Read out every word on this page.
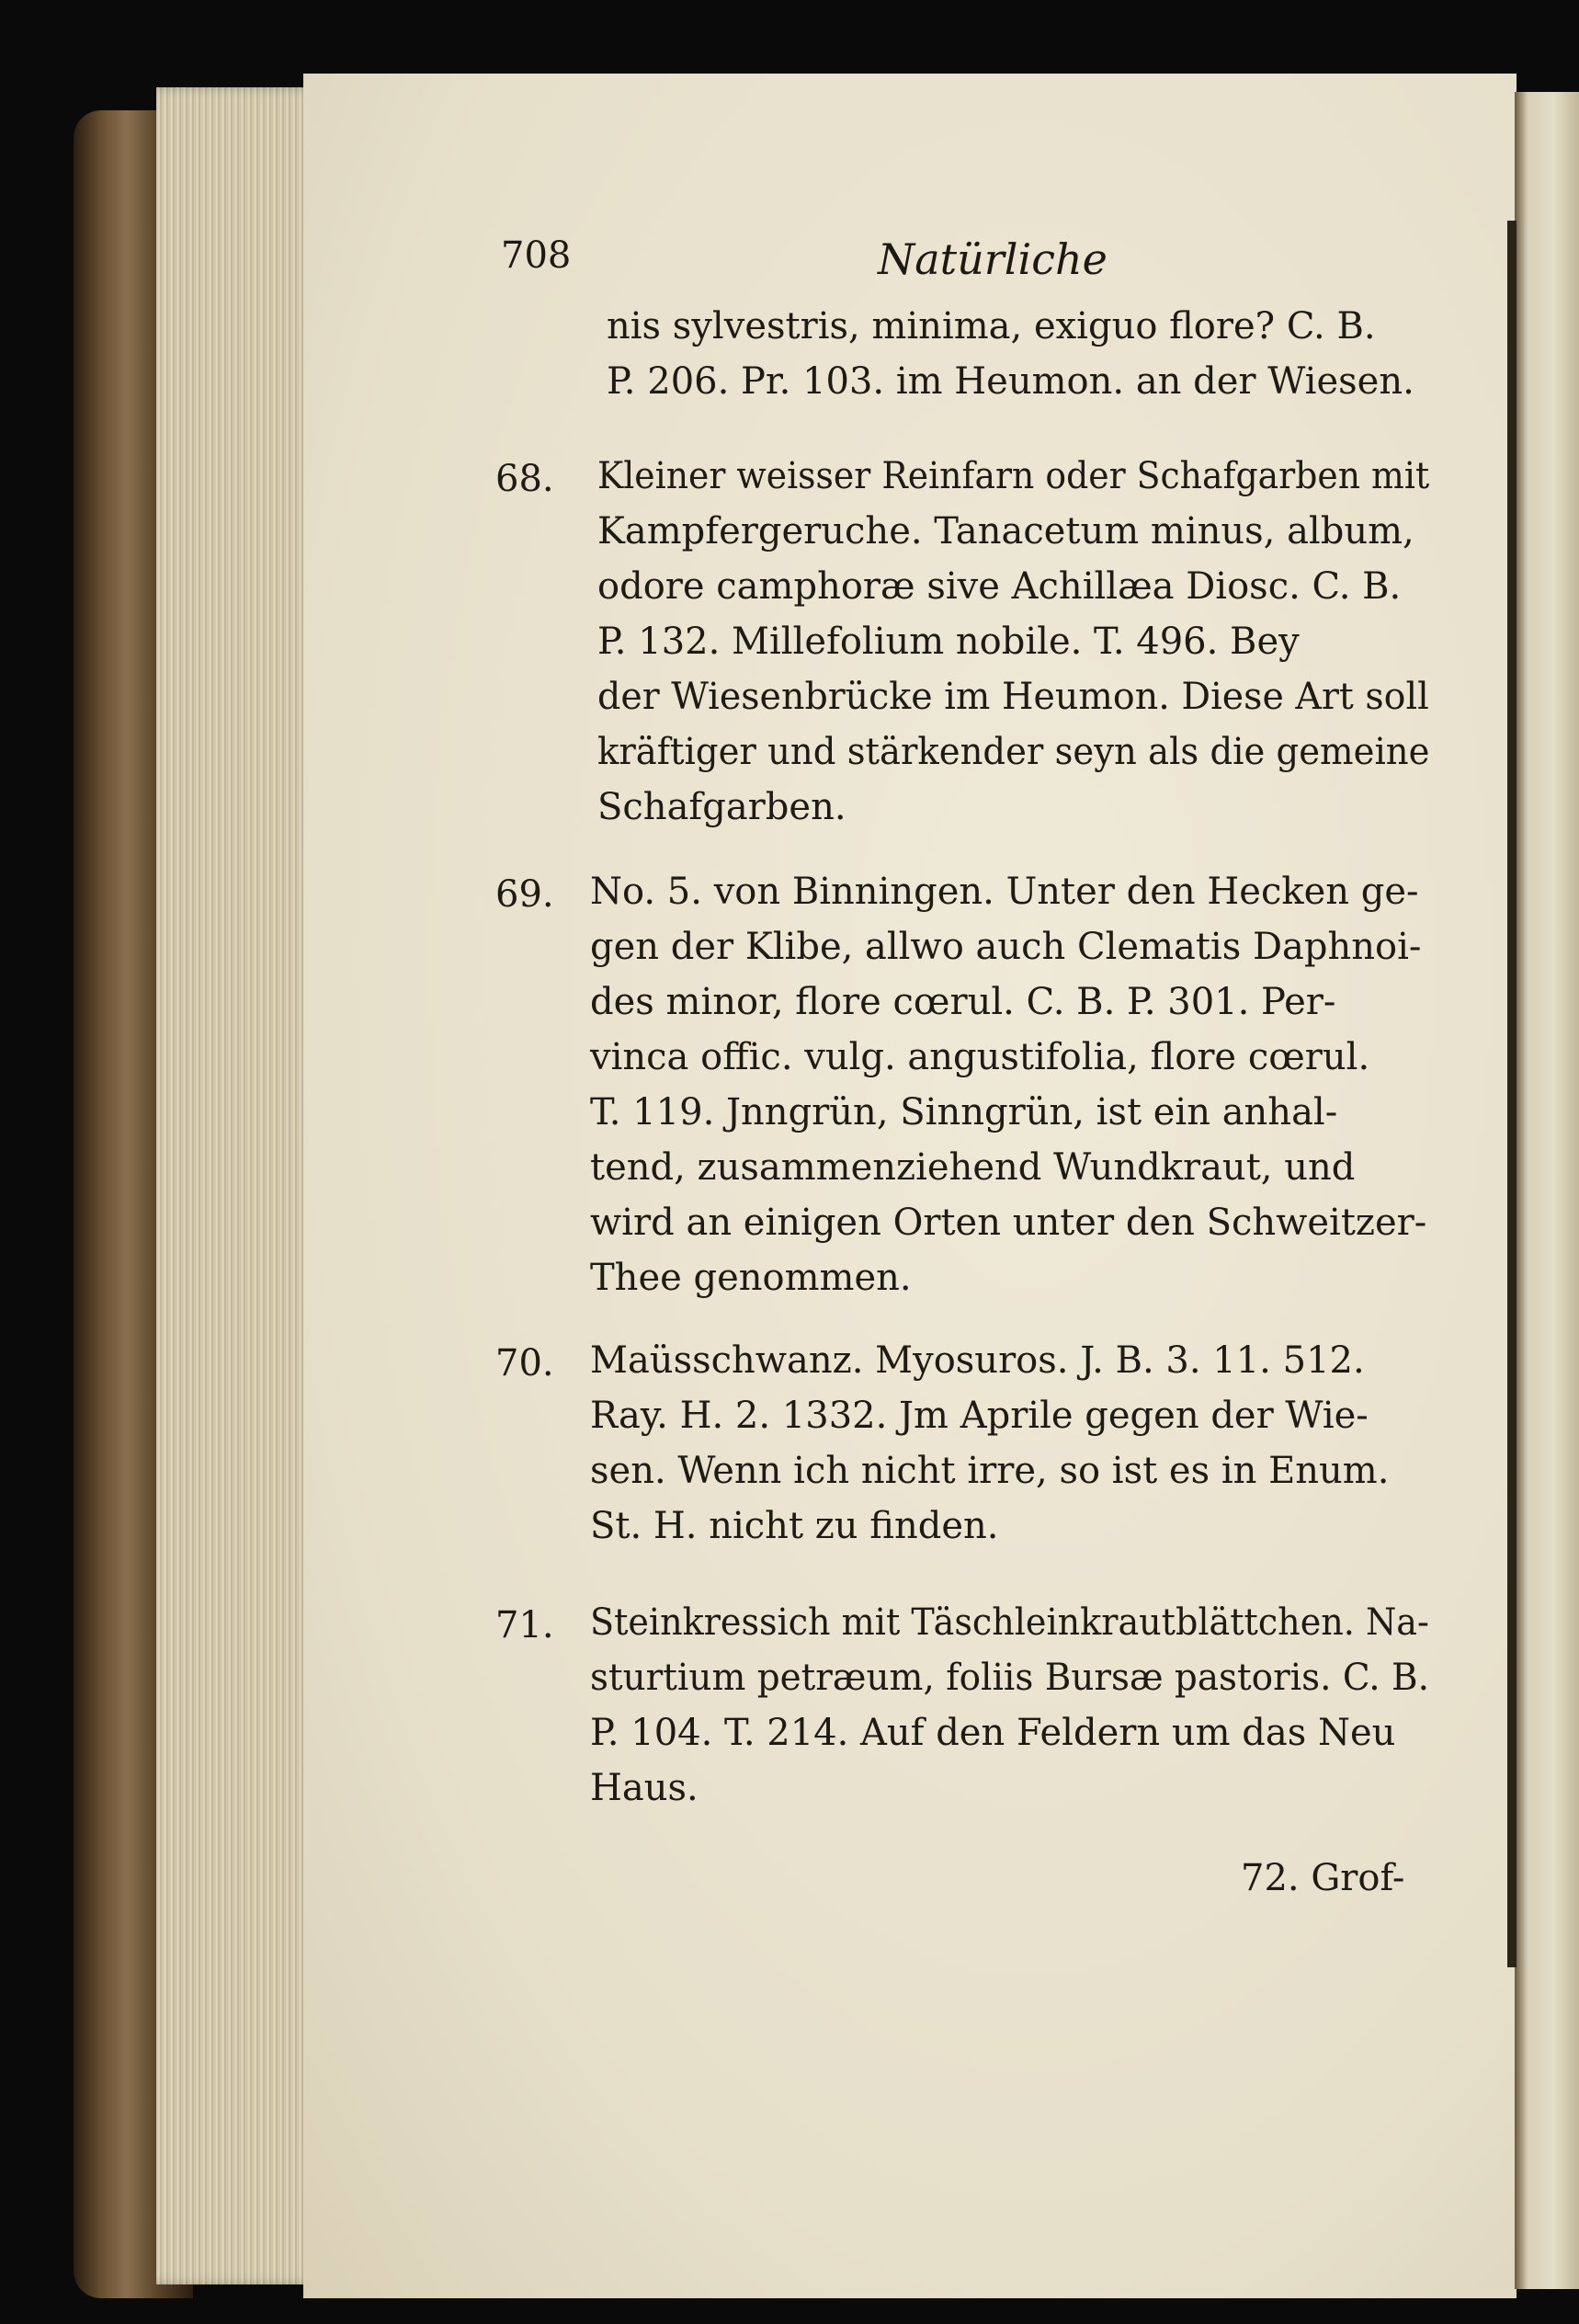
708	Natürliche
nis sylvestris, minima, exiguo flore? C. B.
P. 206. Pr. 103. im Heumon. an der Wiesen.
68. Kleiner weisser Reinfarn oder Schafgarben mit
Kampfergeruche. Tanacetum minus, album,
odore camphoræ sive Achillæa Diosc. C. B.
P. 132. Millefolium nobile. T. 496. Bey
der Wiesenbrücke im Heumon. Diese Art soll
kräftiger und stärkender seyn als die gemeine
Schafgarben.
69. No. 5. von Binningen. Unter den Hecken ge-
gen der Klibe, allwo auch Clematis Daphnoi-
des minor, flore cœrul. C. B. P. 301. Per-
vinca offic. vulg. angustifolia, flore cœrul.
T. 119. Jnngrün, Sinngrün, ist ein anhal-
tend, zusammenziehend Wundkraut, und
wird an einigen Orten unter den Schweitzer-
Thee genommen.
70. Maüsschwanz. Myosuros. J. B. 3. 11. 512.
Ray. H. 2. 1332. Jm Aprile gegen der Wie-
sen. Wenn ich nicht irre, so ist es in Enum.
St. H. nicht zu finden.
71. Steinkressich mit Täschleinkrautblättchen. Na-
sturtium petræum, foliis Bursæ pastoris. C. B.
P. 104. T. 214. Auf den Feldern um das Neu
Haus.
72. Grof-
